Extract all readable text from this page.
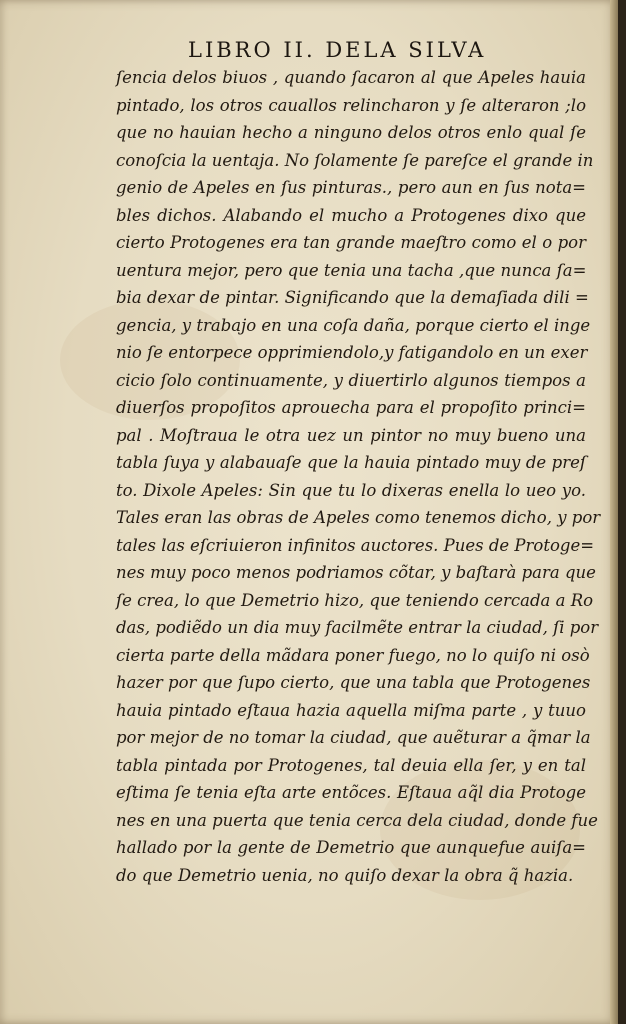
LIBRO II. DELA SILVA
ſencia delos biuos , quando ſacaron al que Apeles hauia
pintado, los otros cauallos relincharon y ſe alteraron ;lo
que no hauian hecho a ninguno delos otros enlo qual ſe
conoſcia la uentaja. No ſolamente ſe pareſce el grande in
genio de Apeles en ſus pinturas., pero aun en ſus nota=
bles dichos. Alabando el mucho a Protogenes dixo que
cierto Protogenes era tan grande maeſtro como el o por
uentura mejor, pero que tenia una tacha ,que nunca ſa=
bia dexar de pintar. Significando que la demaſiada dili =
gencia, y trabajo en una coſa daña, porque cierto el inge
nio ſe entorpece opprimiendolo,y fatigandolo en un exer
cicio ſolo continuamente, y diuertirlo algunos tiempos a
diuerſos propoſitos aprouecha para el propoſito princi=
pal . Moſtraua le otra uez un pintor no muy bueno una
tabla ſuya y alabauaſe que la hauia pintado muy de preſ
to. Dixole Apeles: Sin que tu lo dixeras enella lo ueo yo.
Tales eran las obras de Apeles como tenemos dicho, y por
tales las eſcriuieron infinitos auctores. Pues de Protoge=
nes muy poco menos podriamos cõtar, y baſtarà para que
ſe crea, lo que Demetrio hizo, que teniendo cercada a Ro
das, podiẽdo un dia muy facilmẽte entrar la ciudad, ſi por
cierta parte della mãdara poner fuego, no lo quiſo ni osò
hazer por que ſupo cierto, que una tabla que Protogenes
hauia pintado eſtaua hazia aquella miſma parte , y tuuo
por mejor de no tomar la ciudad, que auẽturar a q̃mar la
tabla pintada por Protogenes, tal deuia ella ſer, y en tal
eſtima ſe tenia eſta arte entõces. Eſtaua aq̃l dia Protoge
nes en una puerta que tenia cerca dela ciudad, donde fue
hallado por la gente de Demetrio que aunquefue auiſa=
do que Demetrio uenia, no quiſo dexar la obra q̃ hazia.
